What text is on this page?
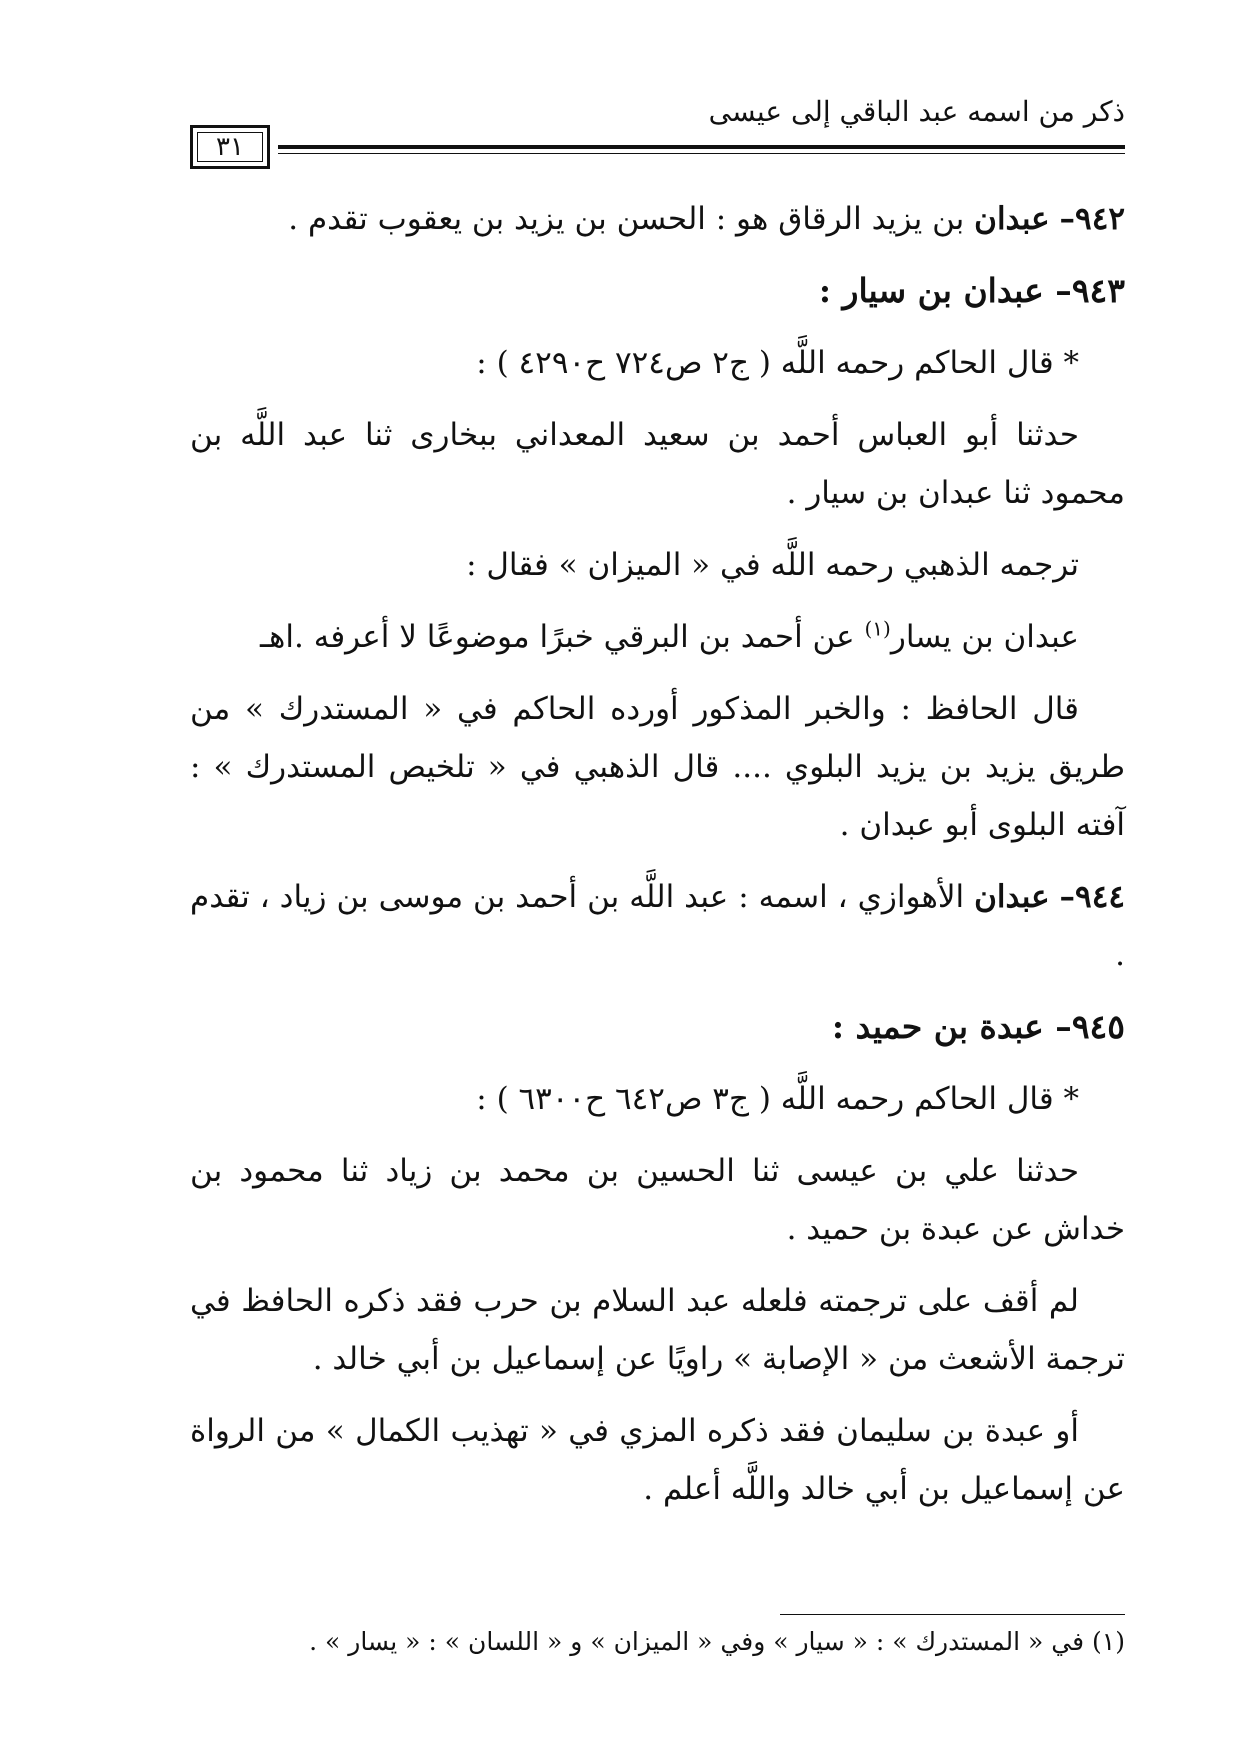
ذكر من اسمه عبد الباقي إلى عيسى
٣١

٩٤٢– عبدان بن يزيد الرقاق هو : الحسن بن يزيد بن يعقوب تقدم .

٩٤٣– عبدان بن سيار :

* قال الحاكم رحمه اللَّه ( ج٢ ص٧٢٤ ح٤٢٩٠ ) :

حدثنا أبو العباس أحمد بن سعيد المعداني ببخارى ثنا عبد اللَّه بن محمود ثنا عبدان بن سيار .

ترجمه الذهبي رحمه اللَّه في « الميزان » فقال :

عبدان بن يسار$^{(١)}$ عن أحمد بن البرقي خبرًا موضوعًا لا أعرفه .اهـ

قال الحافظ : والخبر المذكور أورده الحاكم في « المستدرك » من طريق يزيد بن يزيد البلوي .... قال الذهبي في « تلخيص المستدرك » : آفته البلوى أبو عبدان .

٩٤٤– عبدان الأهوازي ، اسمه : عبد اللَّه بن أحمد بن موسى بن زياد ، تقدم .

٩٤٥– عبدة بن حميد :

* قال الحاكم رحمه اللَّه ( ج٣ ص٦٤٢ ح٦٣٠٠ ) :

حدثنا علي بن عيسى ثنا الحسين بن محمد بن زياد ثنا محمود بن خداش عن عبدة بن حميد .

لم أقف على ترجمته فلعله عبد السلام بن حرب فقد ذكره الحافظ في ترجمة الأشعث من « الإصابة » راويًا عن إسماعيل بن أبي خالد .

أو عبدة بن سليمان فقد ذكره المزي في « تهذيب الكمال » من الرواة عن إسماعيل بن أبي خالد واللَّه أعلم .

(١) في « المستدرك » : « سيار » وفي « الميزان » و « اللسان » : « يسار » .
